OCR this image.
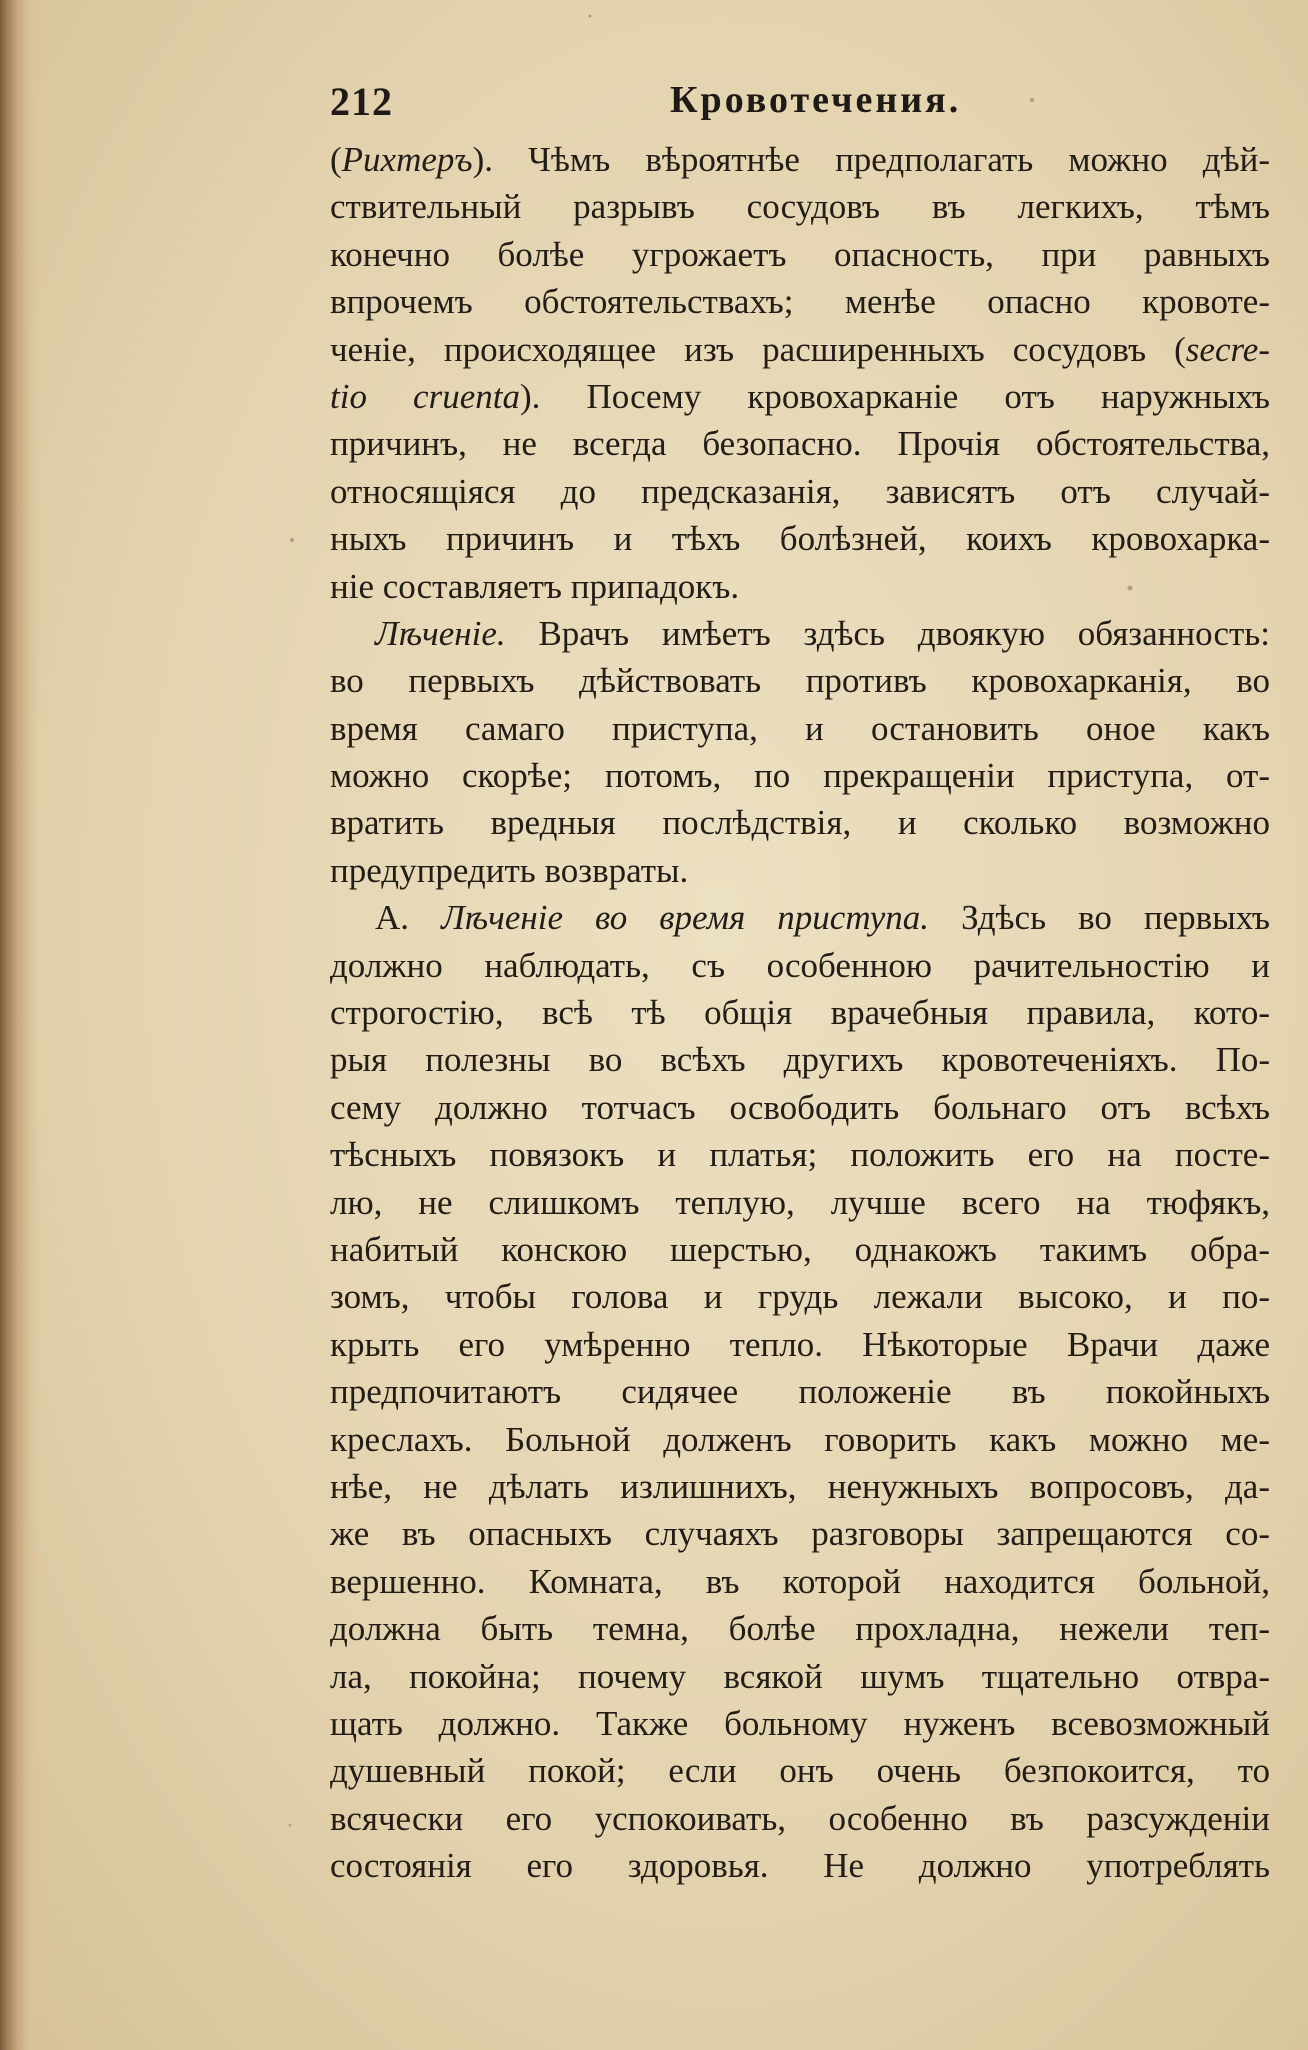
212	Кровотечения.
(Рихтеръ). Чѣмъ вѣроятнѣе предполагать можно дѣй-
ствительный разрывъ сосудовъ въ легкихъ, тѣмъ
конечно болѣе угрожаетъ опасность, при равныхъ
впрочемъ обстоятельствахъ; менѣе опасно кровоте-
ченіе, происходящее изъ расширенныхъ сосудовъ (secre-
tio cruenta). Посему кровохарканіе отъ наружныхъ
причинъ, не всегда безопасно. Прочія обстоятельства,
относящіяся до предсказанія, зависятъ отъ случай-
ныхъ причинъ и тѣхъ болѣзней, коихъ кровохарка-
ніе составляетъ припадокъ.
Лѣченіе. Врачъ имѣетъ здѣсь двоякую обязанность:
во первыхъ дѣйствовать противъ кровохарканія, во
время самаго приступа, и остановить оное какъ
можно скорѣе; потомъ, по прекращеніи приступа, от-
вратить вредныя послѣдствія, и сколько возможно
предупредить возвраты.
А. Лѣченіе во время приступа. Здѣсь во первыхъ
должно наблюдать, съ особенною рачительностію и
строгостію, всѣ тѣ общія врачебныя правила, кото-
рыя полезны во всѣхъ другихъ кровотеченіяхъ. По-
сему должно тотчасъ освободить больнаго отъ всѣхъ
тѣсныхъ повязокъ и платья; положить его на посте-
лю, не слишкомъ теплую, лучше всего на тюфякъ,
набитый конскою шерстью, однакожъ такимъ обра-
зомъ, чтобы голова и грудь лежали высоко, и по-
крыть его умѣренно тепло. Нѣкоторые Врачи даже
предпочитаютъ сидячее положеніе въ покойныхъ
креслахъ. Больной долженъ говорить какъ можно ме-
нѣе, не дѣлать излишнихъ, ненужныхъ вопросовъ, да-
же въ опасныхъ случаяхъ разговоры запрещаются со-
вершенно. Комната, въ которой находится больной,
должна быть темна, болѣе прохладна, нежели теп-
ла, покойна; почему всякой шумъ тщательно отвра-
щать должно. Также больному нуженъ всевозможный
душевный покой; если онъ очень безпокоится, то
всячески его успокоивать, особенно въ разсужденіи
состоянія его здоровья. Не должно употреблять
